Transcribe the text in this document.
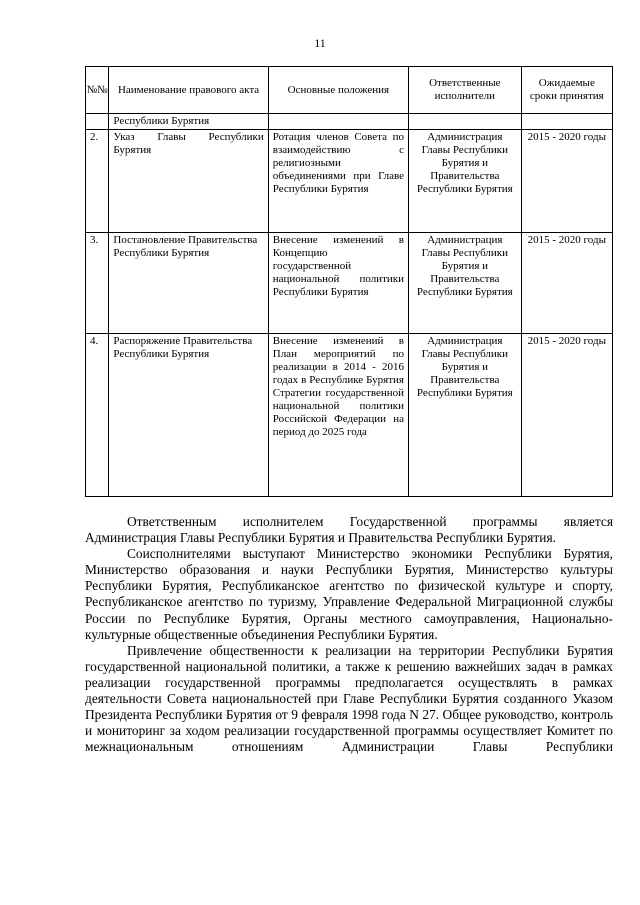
11
№№	Наименование правового акта	Основные положения	Ответственные исполнители	Ожидаемые сроки принятия
	Республики Бурятия			
2.	Указ Главы Республики Бурятия	Ротация членов Совета по взаимодействию с религиозными объединениями при Главе Республики Бурятия	Администрация Главы Республики Бурятия и Правительства Республики Бурятия	2015 - 2020 годы
3.	Постановление Правительства Республики Бурятия	Внесение изменений в Концепцию государственной национальной политики Республики Бурятия	Администрация Главы Республики Бурятия и Правительства Республики Бурятия	2015 - 2020 годы
4.	Распоряжение Правительства Республики Бурятия	Внесение изменений в План мероприятий по реализации в 2014 - 2016 годах в Республике Бурятия Стратегии государственной национальной политики Российской Федерации на период до 2025 года	Администрация Главы Республики Бурятия и Правительства Республики Бурятия	2015 - 2020 годы

Ответственным исполнителем Государственной программы является Администрация Главы Республики Бурятия и Правительства Республики Бурятия.

Соисполнителями выступают Министерство экономики Республики Бурятия, Министерство образования и науки Республики Бурятия, Министерство культуры Республики Бурятия, Республиканское агентство по физической культуре и спорту, Республиканское агентство по туризму, Управление Федеральной Миграционной службы России по Республике Бурятия, Органы местного самоуправления, Национально-культурные общественные объединения Республики Бурятия.

Привлечение общественности к реализации на территории Республики Бурятия государственной национальной политики, а также к решению важнейших задач в рамках реализации государственной программы предполагается осуществлять в рамках деятельности Совета национальностей при Главе Республики Бурятия созданного Указом Президента Республики Бурятия от 9 февраля 1998 года N 27. Общее руководство, контроль и мониторинг за ходом реализации государственной программы осуществляет Комитет по межнациональным отношениям Администрации Главы Республики
